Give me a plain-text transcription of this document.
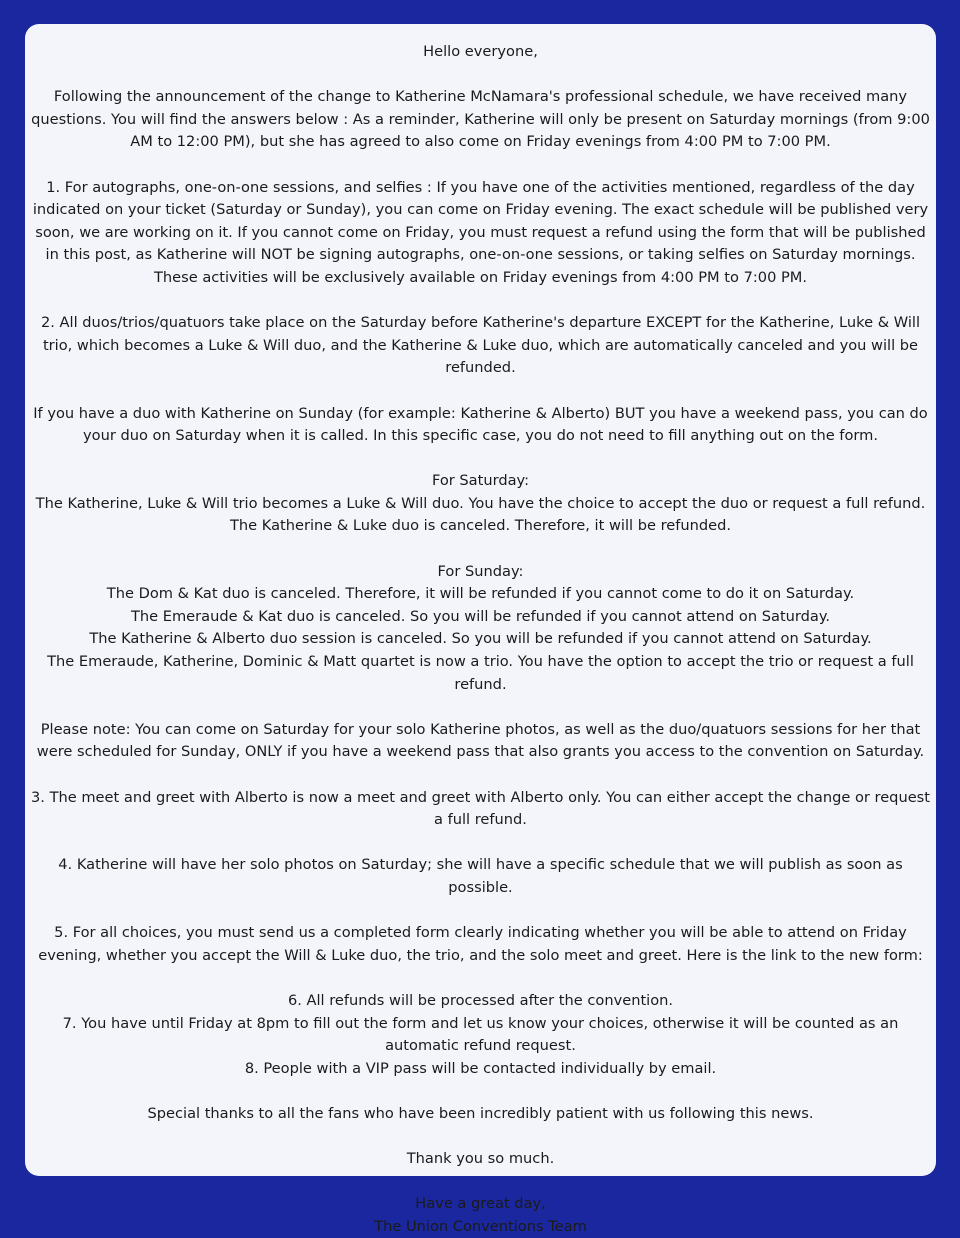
Hello everyone,

Following the announcement of the change to Katherine McNamara's professional schedule, we have received many questions. You will find the answers below : As a reminder, Katherine will only be present on Saturday mornings (from 9:00 AM to 12:00 PM), but she has agreed to also come on Friday evenings from 4:00 PM to 7:00 PM.

1. For autographs, one-on-one sessions, and selfies : If you have one of the activities mentioned, regardless of the day indicated on your ticket (Saturday or Sunday), you can come on Friday evening. The exact schedule will be published very soon, we are working on it. If you cannot come on Friday, you must request a refund using the form that will be published in this post, as Katherine will NOT be signing autographs, one-on-one sessions, or taking selfies on Saturday mornings. These activities will be exclusively available on Friday evenings from 4:00 PM to 7:00 PM.

2. All duos/trios/quatuors take place on the Saturday before Katherine's departure EXCEPT for the Katherine, Luke & Will trio, which becomes a Luke & Will duo, and the Katherine & Luke duo, which are automatically canceled and you will be refunded.

If you have a duo with Katherine on Sunday (for example: Katherine & Alberto) BUT you have a weekend pass, you can do your duo on Saturday when it is called. In this specific case, you do not need to fill anything out on the form.

For Saturday:
The Katherine, Luke & Will trio becomes a Luke & Will duo. You have the choice to accept the duo or request a full refund.
The Katherine & Luke duo is canceled. Therefore, it will be refunded.

For Sunday:
The Dom & Kat duo is canceled. Therefore, it will be refunded if you cannot come to do it on Saturday.
The Emeraude & Kat duo is canceled. So you will be refunded if you cannot attend on Saturday.
The Katherine & Alberto duo session is canceled. So you will be refunded if you cannot attend on Saturday.
The Emeraude, Katherine, Dominic & Matt quartet is now a trio. You have the option to accept the trio or request a full refund.

Please note: You can come on Saturday for your solo Katherine photos, as well as the duo/quatuors sessions for her that were scheduled for Sunday, ONLY if you have a weekend pass that also grants you access to the convention on Saturday.

3. The meet and greet with Alberto is now a meet and greet with Alberto only. You can either accept the change or request a full refund.

4. Katherine will have her solo photos on Saturday; she will have a specific schedule that we will publish as soon as possible.

5. For all choices, you must send us a completed form clearly indicating whether you will be able to attend on Friday evening, whether you accept the Will & Luke duo, the trio, and the solo meet and greet. Here is the link to the new form:

6. All refunds will be processed after the convention.
7. You have until Friday at 8pm to fill out the form and let us know your choices, otherwise it will be counted as an automatic refund request.
8. People with a VIP pass will be contacted individually by email.

Special thanks to all the fans who have been incredibly patient with us following this news.

Thank you so much.

Have a great day,
The Union Conventions Team
